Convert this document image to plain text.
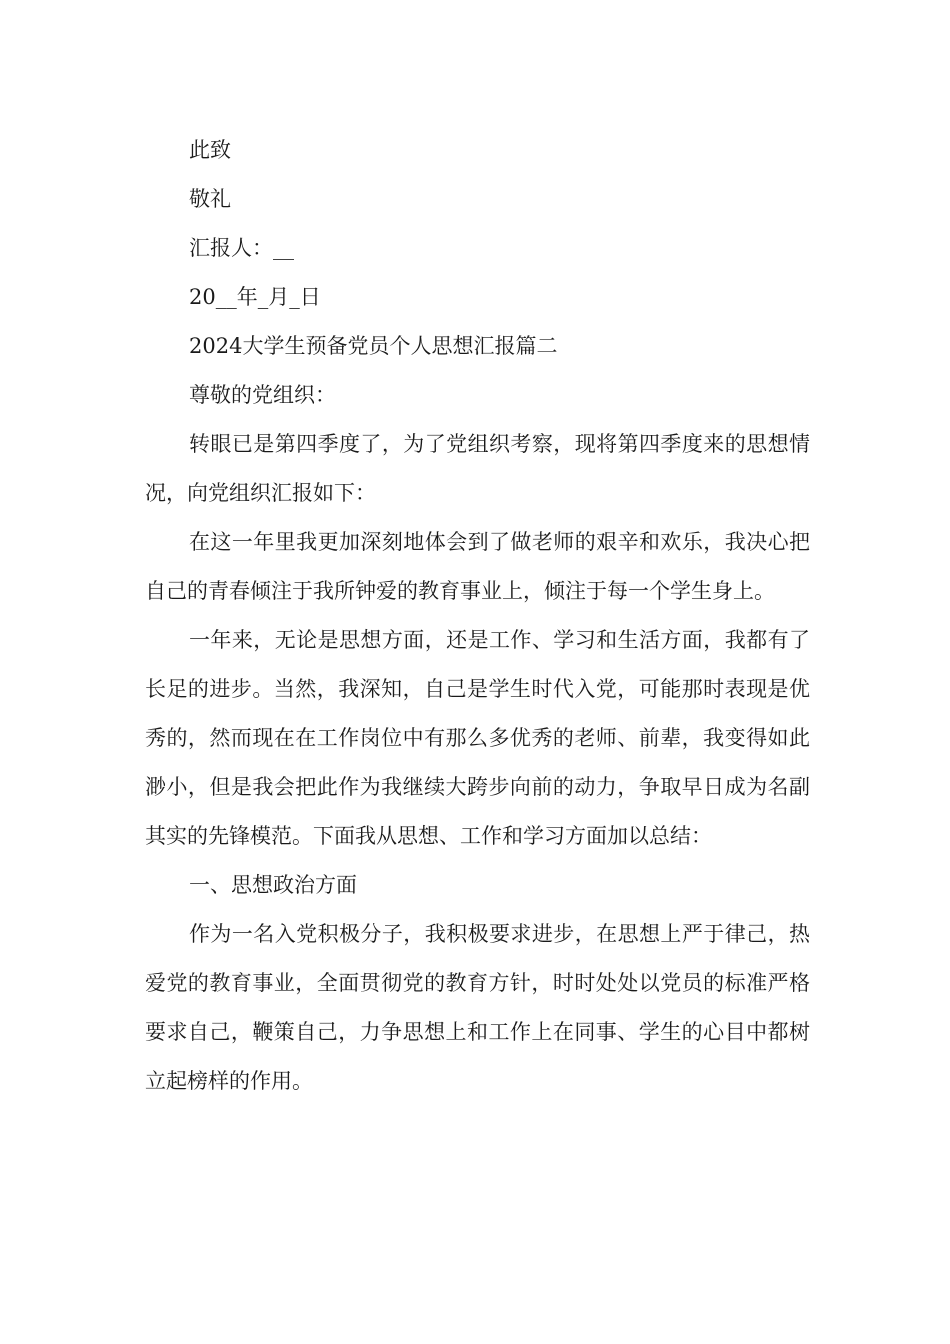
此致

敬礼

汇报人：__

20__年_月_日

2024大学生预备党员个人思想汇报篇二

尊敬的党组织：

转眼已是第四季度了，为了党组织考察，现将第四季度来的思想情况，向党组织汇报如下：

在这一年里我更加深刻地体会到了做老师的艰辛和欢乐，我决心把自己的青春倾注于我所钟爱的教育事业上，倾注于每一个学生身上。

一年来，无论是思想方面，还是工作、学习和生活方面，我都有了长足的进步。当然，我深知，自己是学生时代入党，可能那时表现是优秀的，然而现在在工作岗位中有那么多优秀的老师、前辈，我变得如此渺小，但是我会把此作为我继续大跨步向前的动力，争取早日成为名副其实的先锋模范。下面我从思想、工作和学习方面加以总结：

一、思想政治方面

作为一名入党积极分子，我积极要求进步，在思想上严于律己，热爱党的教育事业，全面贯彻党的教育方针，时时处处以党员的标准严格要求自己，鞭策自己，力争思想上和工作上在同事、学生的心目中都树立起榜样的作用。
